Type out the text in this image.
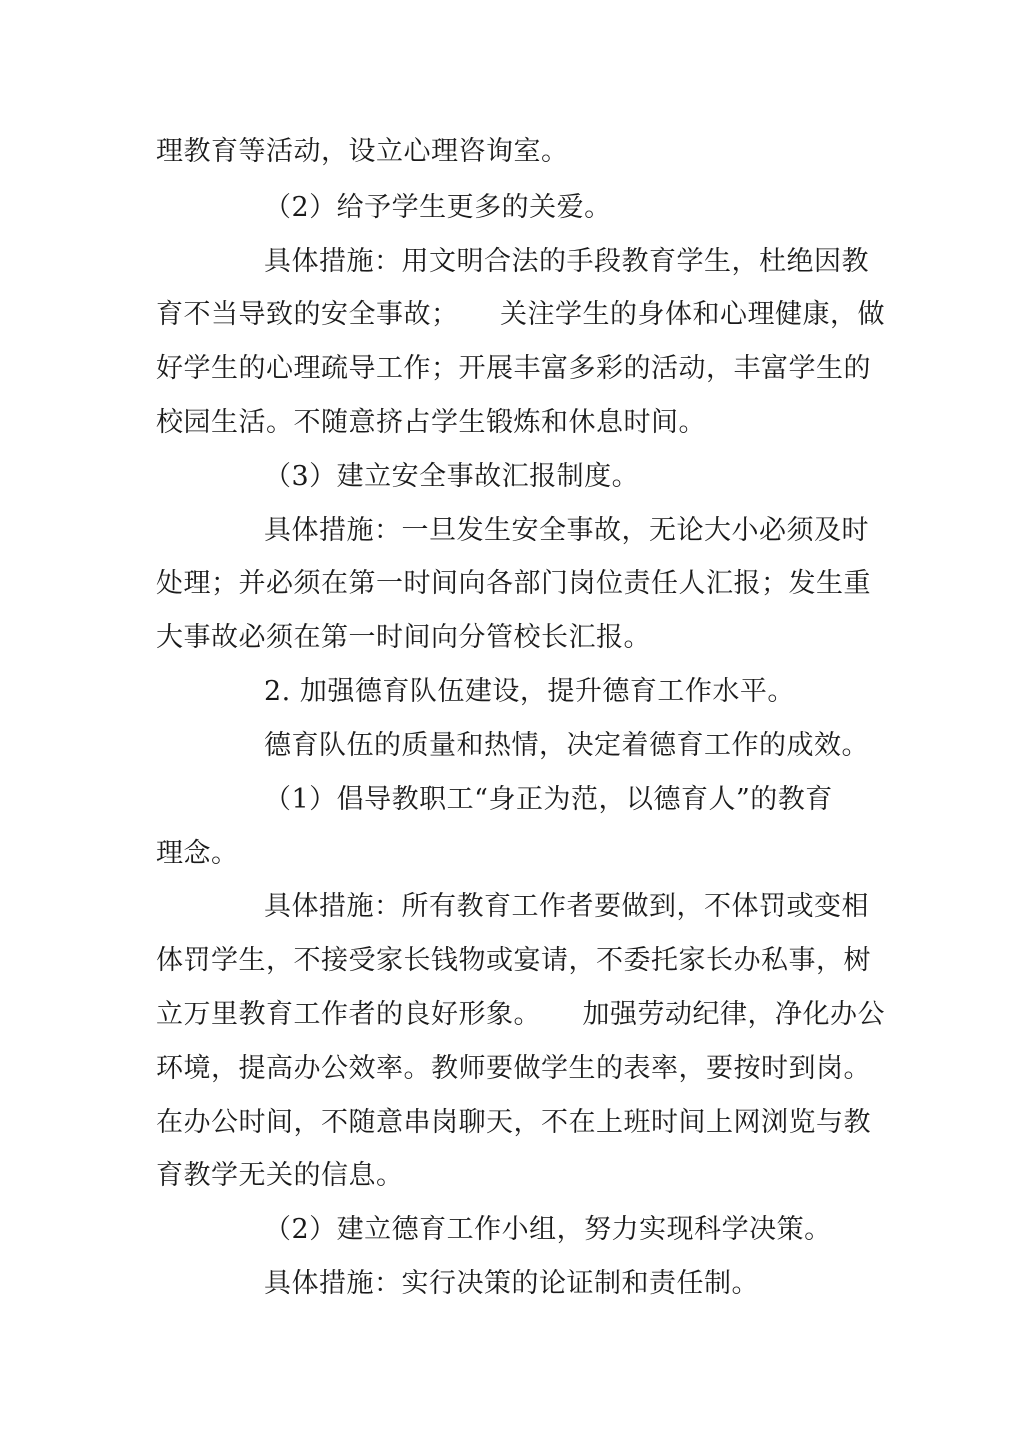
理教育等活动，设立心理咨询室。
（2）给予学生更多的关爱。
具体措施：用文明合法的手段教育学生，杜绝因教
育不当导致的安全事故；　　关注学生的身体和心理健康，做
好学生的心理疏导工作；开展丰富多彩的活动，丰富学生的
校园生活。不随意挤占学生锻炼和休息时间。
（3）建立安全事故汇报制度。
具体措施：一旦发生安全事故，无论大小必须及时
处理；并必须在第一时间向各部门岗位责任人汇报；发生重
大事故必须在第一时间向分管校长汇报。
2. 加强德育队伍建设，提升德育工作水平。
德育队伍的质量和热情，决定着德育工作的成效。
（1）倡导教职工“身正为范，以德育人”的教育
理念。
具体措施：所有教育工作者要做到，不体罚或变相
体罚学生，不接受家长钱物或宴请，不委托家长办私事，树
立万里教育工作者的良好形象。　　加强劳动纪律，净化办公
环境，提高办公效率。教师要做学生的表率，要按时到岗。
在办公时间，不随意串岗聊天，不在上班时间上网浏览与教
育教学无关的信息。
（2）建立德育工作小组，努力实现科学决策。
具体措施：实行决策的论证制和责任制。
